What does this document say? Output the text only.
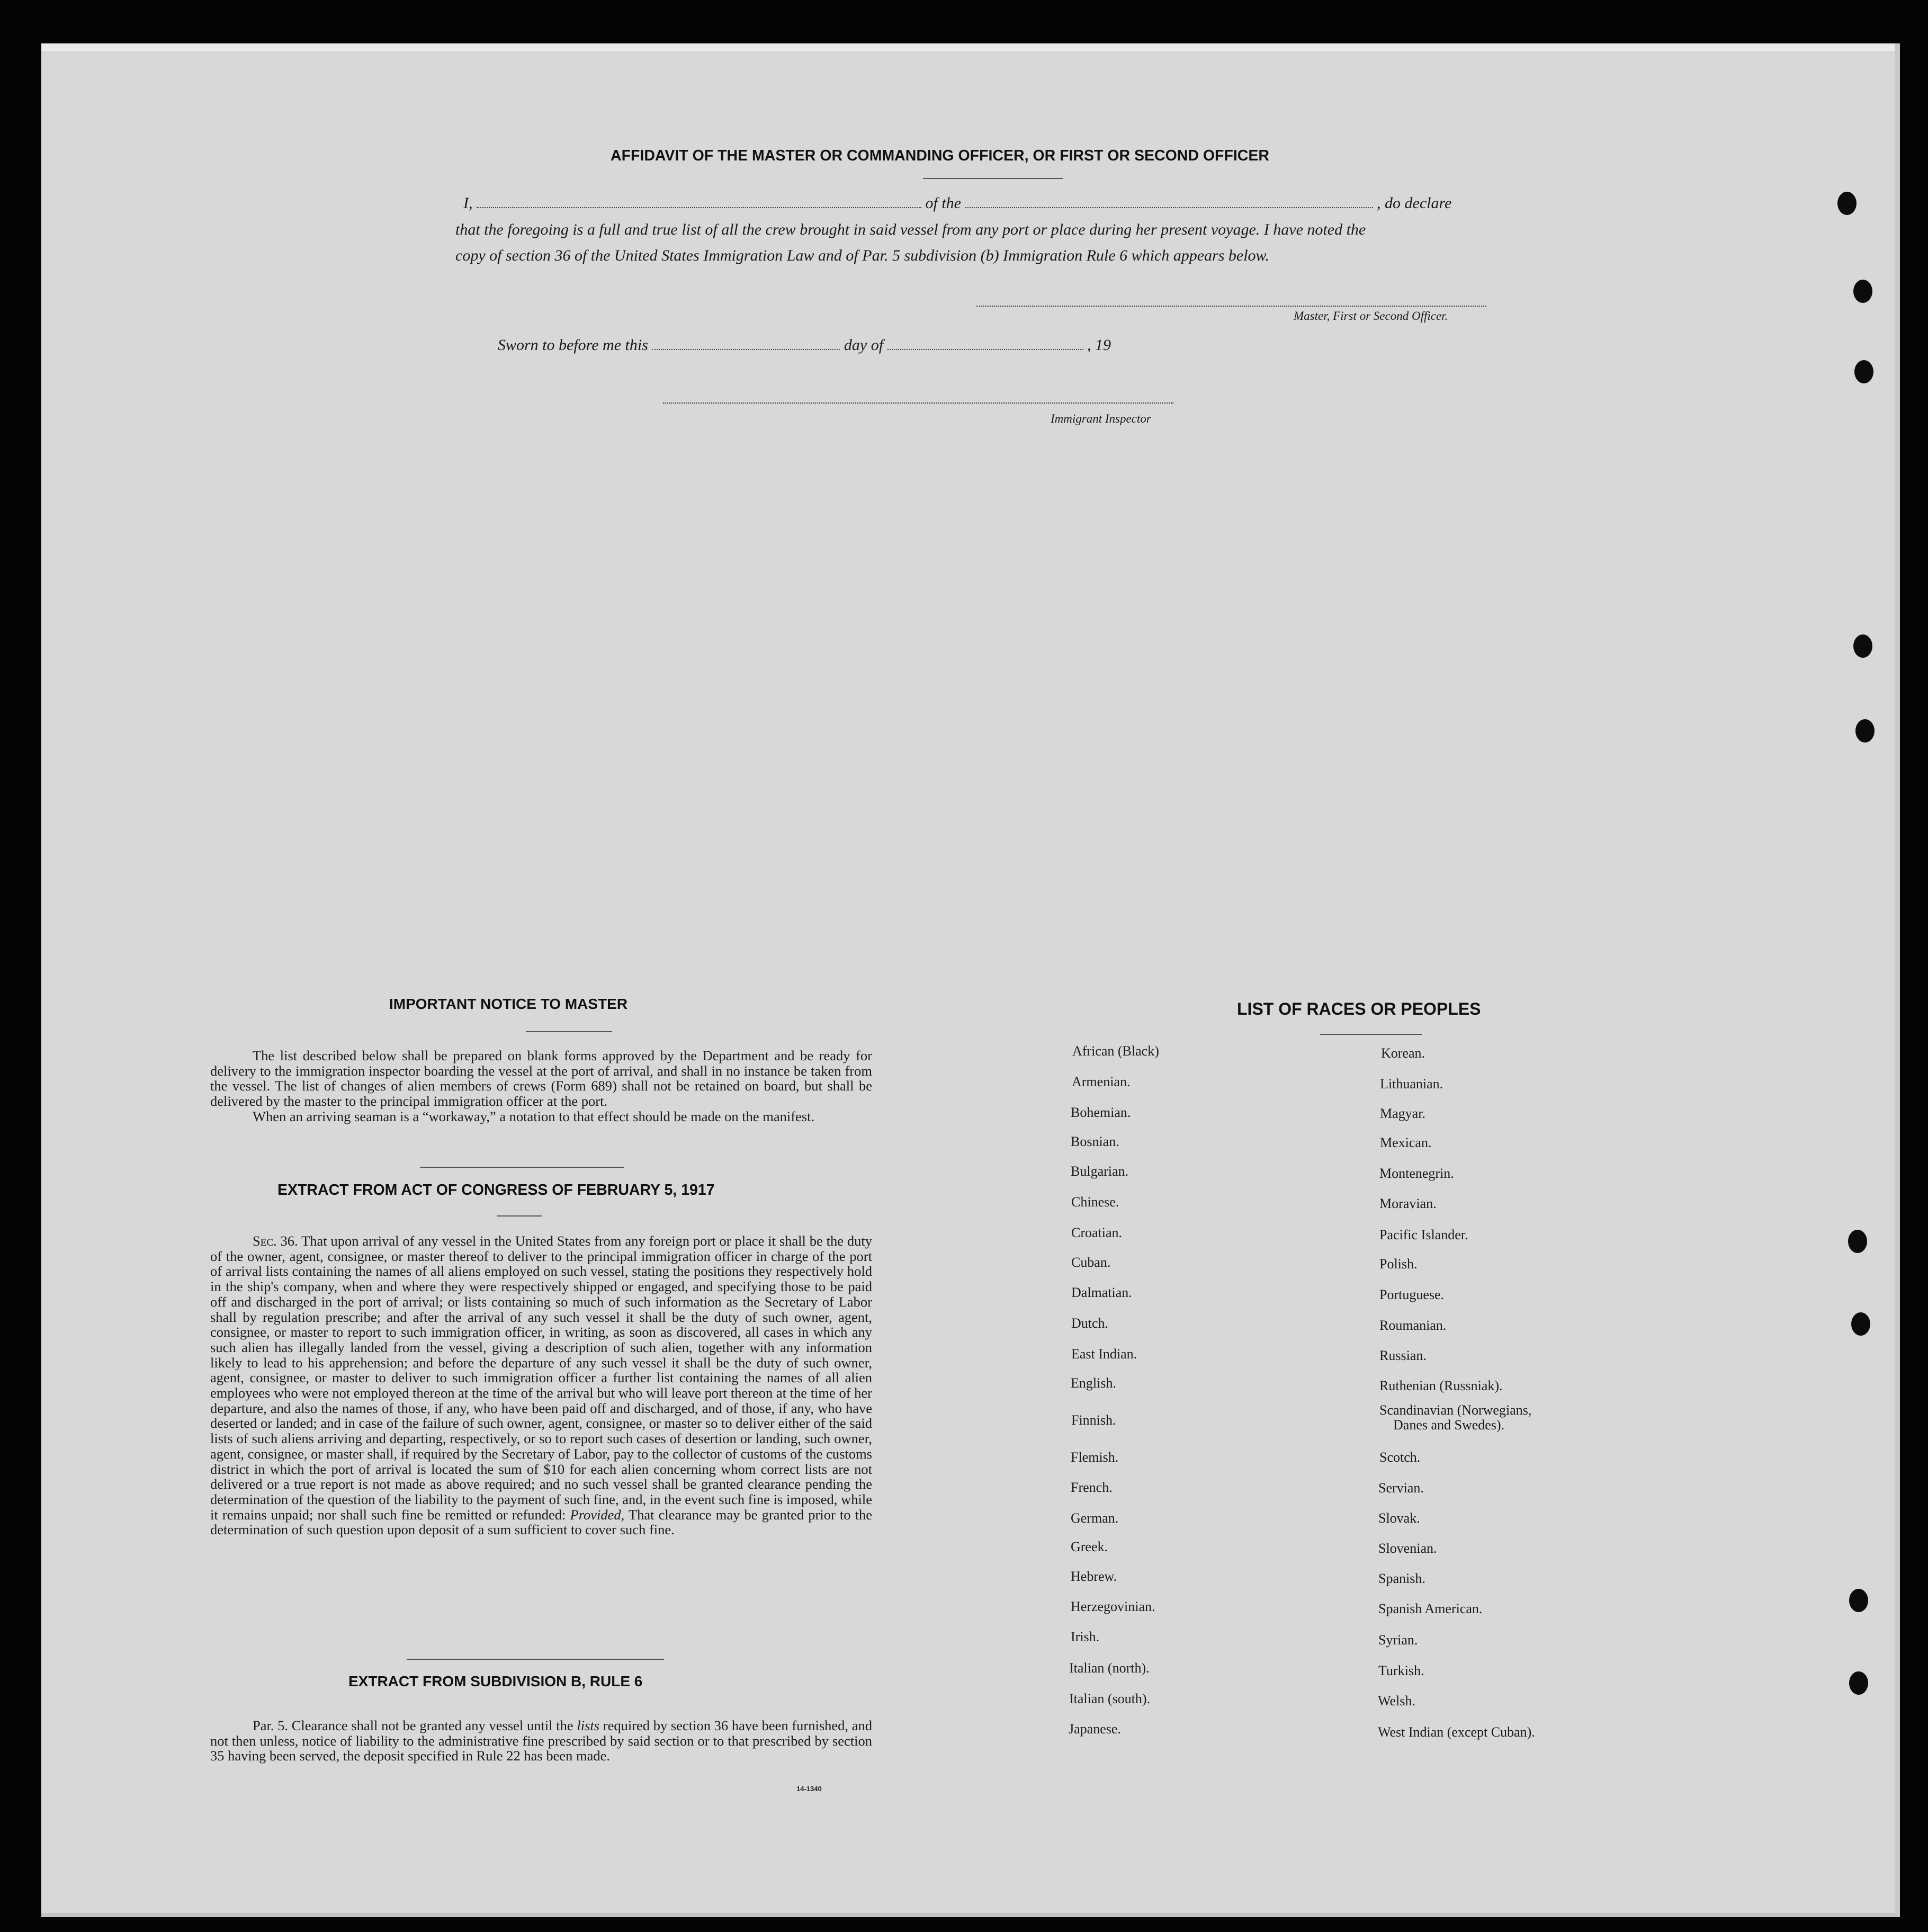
AFFIDAVIT OF THE MASTER OR COMMANDING OFFICER, OR FIRST OR SECOND OFFICER
I,	of the	, do declare
that the foregoing is a full and true list of all the crew brought in said vessel from any port or place during her present voyage. I have noted the
copy of section 36 of the United States Immigration Law and of Par. 5 subdivision (b) Immigration Rule 6 which appears below.
Master, First or Second Officer.
Sworn to before me this	day of	, 19
Immigrant Inspector
IMPORTANT NOTICE TO MASTER

The list described below shall be prepared on blank forms approved by the Department and be ready for delivery to the immigration inspector boarding the vessel at the port of arrival, and shall in no instance be taken from the vessel. The list of changes of alien members of crews (Form 689) shall not be retained on board, but shall be delivered by the master to the principal immigration officer at the port.

When an arriving seaman is a “workaway,” a notation to that effect should be made on the manifest.

EXTRACT FROM ACT OF CONGRESS OF FEBRUARY 5, 1917

Sec. 36. That upon arrival of any vessel in the United States from any foreign port or place it shall be the duty of the owner, agent, consignee, or master thereof to deliver to the principal immigration officer in charge of the port of arrival lists containing the names of all aliens employed on such vessel, stating the positions they respectively hold in the ship's company, when and where they were respectively shipped or engaged, and specifying those to be paid off and discharged in the port of arrival; or lists containing so much of such information as the Secretary of Labor shall by regulation prescribe; and after the arrival of any such vessel it shall be the duty of such owner, agent, consignee, or master to report to such immigration officer, in writing, as soon as discovered, all cases in which any such alien has illegally landed from the vessel, giving a description of such alien, together with any information likely to lead to his apprehension; and before the departure of any such vessel it shall be the duty of such owner, agent, consignee, or master to deliver to such immigration officer a further list containing the names of all alien employees who were not employed thereon at the time of the arrival but who will leave port thereon at the time of her departure, and also the names of those, if any, who have been paid off and discharged, and of those, if any, who have deserted or landed; and in case of the failure of such owner, agent, consignee, or master so to deliver either of the said lists of such aliens arriving and departing, respectively, or so to report such cases of desertion or landing, such owner, agent, consignee, or master shall, if required by the Secretary of Labor, pay to the collector of customs of the customs district in which the port of arrival is located the sum of $10 for each alien concerning whom correct lists are not delivered or a true report is not made as above required; and no such vessel shall be granted clearance pending the determination of the question of the liability to the payment of such fine, and, in the event such fine is imposed, while it remains unpaid; nor shall such fine be remitted or refunded: Provided, That clearance may be granted prior to the determination of such question upon deposit of a sum sufficient to cover such fine.

EXTRACT FROM SUBDIVISION B, RULE 6

Par. 5. Clearance shall not be granted any vessel until the lists required by section 36 have been furnished, and not then unless, notice of liability to the administrative fine prescribed by said section or to that prescribed by section 35 having been served, the deposit specified in Rule 22 has been made.

14-1340
LIST OF RACES OR PEOPLES
African (Black)
Armenian.
Bohemian.
Bosnian.
Bulgarian.
Chinese.
Croatian.
Cuban.
Dalmatian.
Dutch.
East Indian.
English.
Finnish.
Flemish.
French.
German.
Greek.
Hebrew.
Herzegovinian.
Irish.
Italian (north).
Italian (south).
Japanese.
Korean.
Lithuanian.
Magyar.
Mexican.
Montenegrin.
Moravian.
Pacific Islander.
Polish.
Portuguese.
Roumanian.
Russian.
Ruthenian (Russniak).
Scandinavian (Norwegians,
Danes and Swedes).
Scotch.
Servian.
Slovak.
Slovenian.
Spanish.
Spanish American.
Syrian.
Turkish.
Welsh.
West Indian (except Cuban).
